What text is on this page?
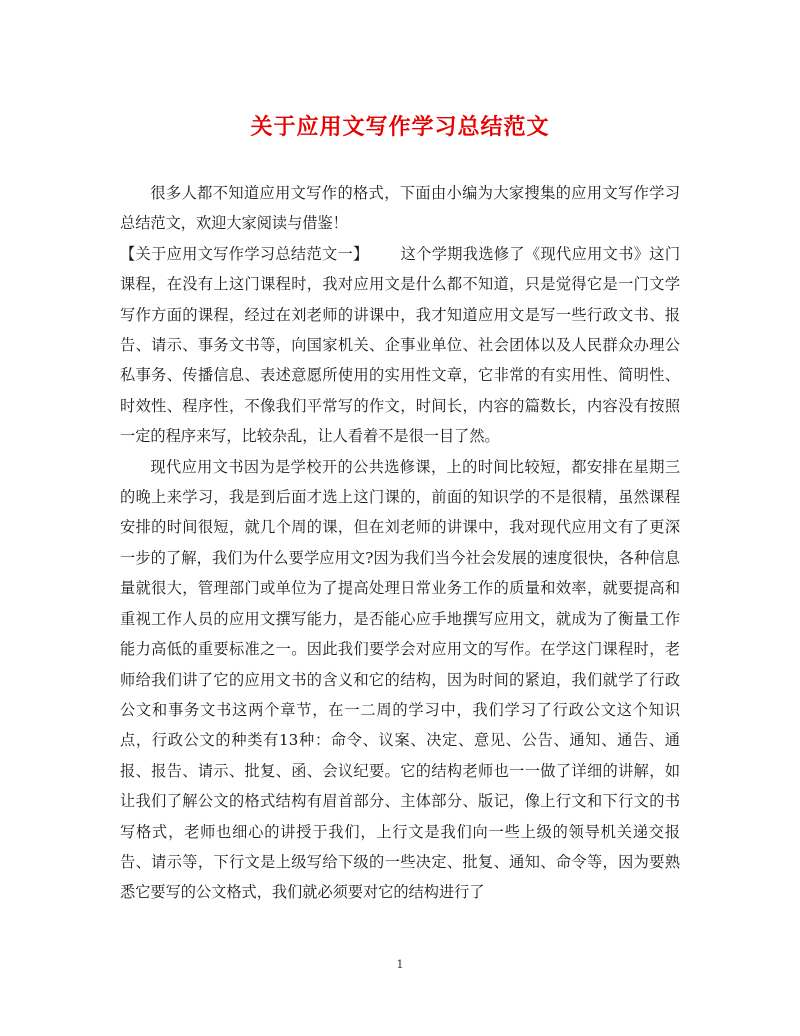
关于应用文写作学习总结范文

很多人都不知道应用文写作的格式，下面由小编为大家搜集的应用文写作学习总结范文，欢迎大家阅读与借鉴！

【关于应用文写作学习总结范文一】 这个学期我选修了《现代应用文书》这门课程，在没有上这门课程时，我对应用文是什么都不知道，只是觉得它是一门文学写作方面的课程，经过在刘老师的讲课中，我才知道应用文是写一些行政文书、报告、请示、事务文书等，向国家机关、企事业单位、社会团体以及人民群众办理公私事务、传播信息、表述意愿所使用的实用性文章，它非常的有实用性、简明性、时效性、程序性，不像我们平常写的作文，时间长，内容的篇数长，内容没有按照一定的程序来写，比较杂乱，让人看着不是很一目了然。

现代应用文书因为是学校开的公共选修课，上的时间比较短，都安排在星期三的晚上来学习，我是到后面才选上这门课的，前面的知识学的不是很精，虽然课程安排的时间很短，就几个周的课，但在刘老师的讲课中，我对现代应用文有了更深一步的了解，我们为什么要学应用文?因为我们当今社会发展的速度很快，各种信息量就很大，管理部门或单位为了提高处理日常业务工作的质量和效率，就要提高和重视工作人员的应用文撰写能力，是否能心应手地撰写应用文，就成为了衡量工作能力高低的重要标准之一。因此我们要学会对应用文的写作。在学这门课程时，老师给我们讲了它的应用文书的含义和它的结构，因为时间的紧迫，我们就学了行政公文和事务文书这两个章节，在一二周的学习中，我们学习了行政公文这个知识点，行政公文的种类有13种：命令、议案、决定、意见、公告、通知、通告、通报、报告、请示、批复、函、会议纪要。它的结构老师也一一做了详细的讲解，如让我们了解公文的格式结构有眉首部分、主体部分、版记，像上行文和下行文的书写格式，老师也细心的讲授于我们，上行文是我们向一些上级的领导机关递交报告、请示等，下行文是上级写给下级的一些决定、批复、通知、命令等，因为要熟悉它要写的公文格式，我们就必须要对它的结构进行了

1
